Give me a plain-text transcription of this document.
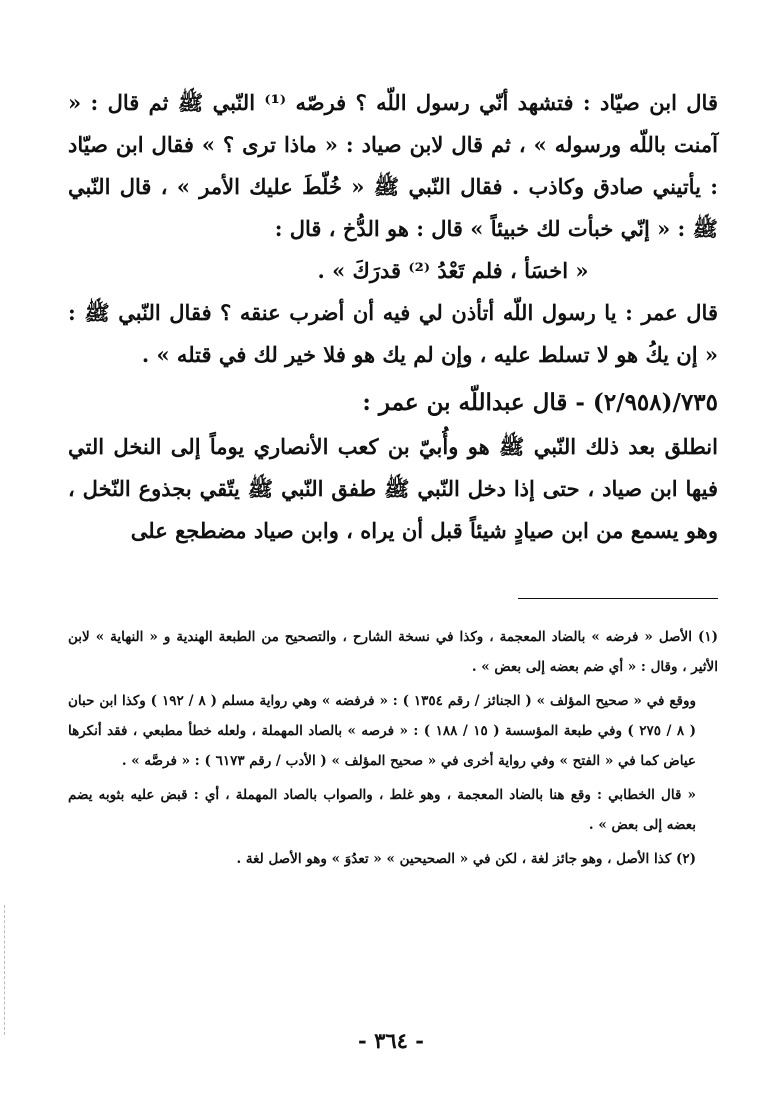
قال ابن صيّاد : فتشهد أنّي رسول اللّه ؟ فرصّه ⁽¹⁾ النّبي ﷺ ثم قال : « آمنت باللّه ورسوله » ، ثم قال لابن صياد : « ماذا ترى ؟ » فقال ابن صيّاد : يأتيني صادق وكاذب . فقال النّبي ﷺ « خُلّطَ عليك الأمر » ، قال النّبي ﷺ : « إنّي خبأت لك خبيئاً » قال : هو الدُّخ ، قال :

« اخسَأ ، فلم تَعْدُ ⁽²⁾ قدرَكَ » .

قال عمر : يا رسول اللّه أتأذن لي فيه أن أضرب عنقه ؟ فقال النّبي ﷺ : « إن يكُ هو لا تسلط عليه ، وإن لم يك هو فلا خير لك في قتله » .

٧٣٥/(٢/٩٥٨) - قال عبداللّه بن عمر :

انطلق بعد ذلك النّبي ﷺ هو وأُبيّ بن كعب الأنصاري يوماً إلى النخل التي فيها ابن صياد ، حتى إذا دخل النّبي ﷺ طفق النّبي ﷺ يتّقي بجذوع النّخل ، وهو يسمع من ابن صيادٍ شيئاً قبل أن يراه ، وابن صياد مضطجع على

(١) الأصل « فرضه » بالضاد المعجمة ، وكذا في نسخة الشارح ، والتصحيح من الطبعة الهندية و « النهاية » لابن الأثير ، وقال : « أي ضم بعضه إلى بعض » .

ووقع في « صحيح المؤلف » ( الجنائز / رقم ١٣٥٤ ) : « فرفضه » وهي رواية مسلم ( ٨ / ١٩٢ ) وكذا ابن حبان ( ٨ / ٢٧٥ ) وفي طبعة المؤسسة ( ١٥ / ١٨٨ ) : « فرصه » بالصاد المهملة ، ولعله خطأ مطبعي ، فقد أنكرها عياض كما في « الفتح » وفي رواية أخرى في « صحيح المؤلف » ( الأدب / رقم ٦١٧٣ ) : « فرصَّه » .

« قال الخطابي : وقع هنا بالضاد المعجمة ، وهو غلط ، والصواب بالصاد المهملة ، أي : قبض عليه بثوبه يضم بعضه إلى بعض » .

(٢) كذا الأصل ، وهو جائز لغة ، لكن في « الصحيحين » « تعدُوَ » وهو الأصل لغة .

- ٣٦٤ -
